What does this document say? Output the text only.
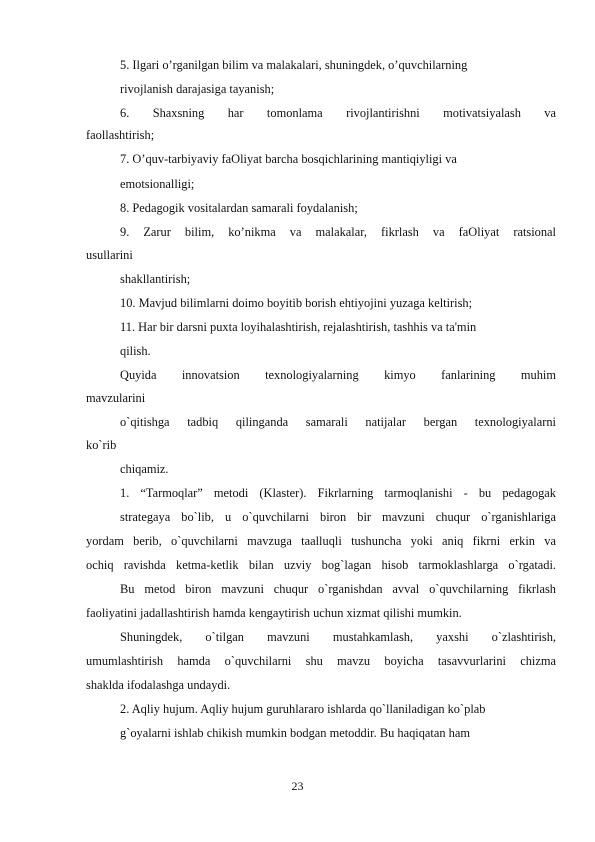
5. Ilgari o’rganilgan bilim va malakalari, shuningdek, o’quvchilarning
rivojlanish darajasiga tayanish;
6. Shaxsning har tomonlama rivojlantirishni motivatsiyalash va
faollashtirish;
7. O’quv-tarbiyaviy faOliyat barcha bosqichlarining mantiqiyligi va
emotsionalligi;
8. Pedagogik vositalardan samarali foydalanish;
9. Zarur bilim, ko’nikma va malakalar, fikrlash va faOliyat ratsional
usullarini
shakllantirish;
10. Mavjud bilimlarni doimo boyitib borish ehtiyojini yuzaga keltirish;
11. Har bir darsni puxta loyihalashtirish, rejalashtirish, tashhis va ta'min
qilish.
Quyida innovatsion texnologiyalarning kimyo fanlarining muhim
mavzularini
o`qitishga tadbiq qilinganda samarali natijalar bergan texnologiyalarni
ko`rib
chiqamiz.
1. “Tarmoqlar” metodi (Klaster). Fikrlarning tarmoqlanishi - bu pedagogak
strategaya bo`lib, u o`quvchilarni biron bir mavzuni chuqur o`rganishlariga
yordam berib, o`quvchilarni mavzuga taalluqli tushuncha yoki aniq fikrni erkin va
ochiq ravishda ketma-ketlik bilan uzviy bog`lagan hisob tarmoklashlarga o`rgatadi.
Bu metod biron mavzuni chuqur o`rganishdan avval o`quvchilarning fikrlash
faoliyatini jadallashtirish hamda kengaytirish uchun xizmat qilishi mumkin.
Shuningdek, o`tilgan mavzuni mustahkamlash, yaxshi o`zlashtirish,
umumlashtirish hamda o`quvchilarni shu mavzu boyicha tasavvurlarini chizma
shaklda ifodalashga undaydi.
2. Aqliy hujum. Aqliy hujum guruhlararo ishlarda qo`llaniladigan ko`plab
g`oyalarni ishlab chikish mumkin bodgan metoddir. Bu haqiqatan ham
23
